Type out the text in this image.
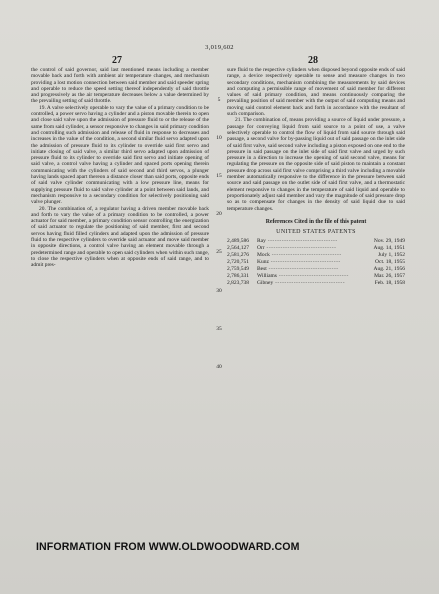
3,019,602
27	28

the control of said governor, said last mentioned means including a member movable back and forth with ambient air temperature changes, and mechanism providing a lost motion connection between said member and said speeder spring and operable to reduce the speed setting thereof independently of said throttle and progressively as the air temperature decreases below a value determined by the prevailing setting of said throttle.

19. A valve selectively operable to vary the value of a primary condition to be controlled, a power servo having a cylinder and a piston movable therein to open and close said valve upon the admission of pressure fluid to or the release of the same from said cylinder, a sensor responsive to changes in said primary condition and controlling such admission and release of fluid in response to decreases and increases in the value of the condition, a second similar fluid servo adapted upon the admission of pressure fluid to its cylinder to override said first servo and initiate closing of said valve, a similar third servo adapted upon admission of pressure fluid to its cylinder to override said first servo and initiate opening of said valve, a control valve having a cylinder and spaced ports opening therein communicating with the cylinders of said second and third servos, a plunger having lands spaced apart thereon a distance closer than said ports, opposite ends of said valve cylinder communicating with a low pressure line, means for supplying pressure fluid to said valve cylinder at a point between said lands, and mechanism responsive to a secondary condition for selectively positioning said valve plunger.

20. The combination of, a regulator having a driven member movable back and forth to vary the value of a primary condition to be controlled, a power actuator for said member, a primary condition sensor controlling the energization of said actuator to regulate the positioning of said member, first and second servos having fluid filled cylinders and adapted upon the admission of pressure fluid to the respective cylinders to override said actuator and move said member in opposite directions, a control valve having an element movable through a predetermined range and operable to open said cylinders when within such range, to close the respective cylinders when at opposite ends of said range, and to admit pres-

5
10
15
20
25
30
35
40

sure fluid to the respective cylinders when disposed beyond opposite ends of said range, a device respectively operable to sense and measure changes in two secondary conditions, mechanism combining the measurements by said devices and computing a permissible range of movement of said member for different values of said primary condition, and means continuously comparing the prevailing position of said member with the output of said computing means and moving said control element back and forth in accordance with the resultant of such comparison.

21. The combination of, means providing a source of liquid under pressure, a passage for conveying liquid from said source to a point of use, a valve selectively operable to control the flow of liquid from said source through said passage, a second valve for by-passing liquid out of said passage on the inlet side of said first valve, said second valve including a piston exposed on one end to the pressure in said passage on the inlet side of said first valve and urged by such pressure in a direction to increase the opening of said second valve, means for regulating the pressure on the opposite side of said piston to maintain a constant pressure drop across said first valve comprising a third valve including a movable member automatically responsive to the difference in the pressure between said source and said passage on the outlet side of said first valve, and a thermostatic element responsive to changes in the temperature of said liquid and operable to proportionately adjust said member and vary the magnitude of said pressure drop so as to compensate for changes in the density of said liquid due to said temperature changes.

References Cited in the file of this patent
UNITED STATES PATENTS
2,489,586	Ray ------------------------------	Nov. 29, 1949
2,564,127	Orr ------------------------------	Aug. 14, 1951
2,581,276	Mock ------------------------------	July 1, 1952
2,720,751	Kunz ------------------------------	Oct. 18, 1955
2,759,549	Best ------------------------------	Aug. 21, 1956
2,786,331	Williams ------------------------------	Mar. 26, 1957
2,823,738	Gibney ------------------------------	Feb. 18, 1958
INFORMATION FROM WWW.OLDWOODWARD.COM
